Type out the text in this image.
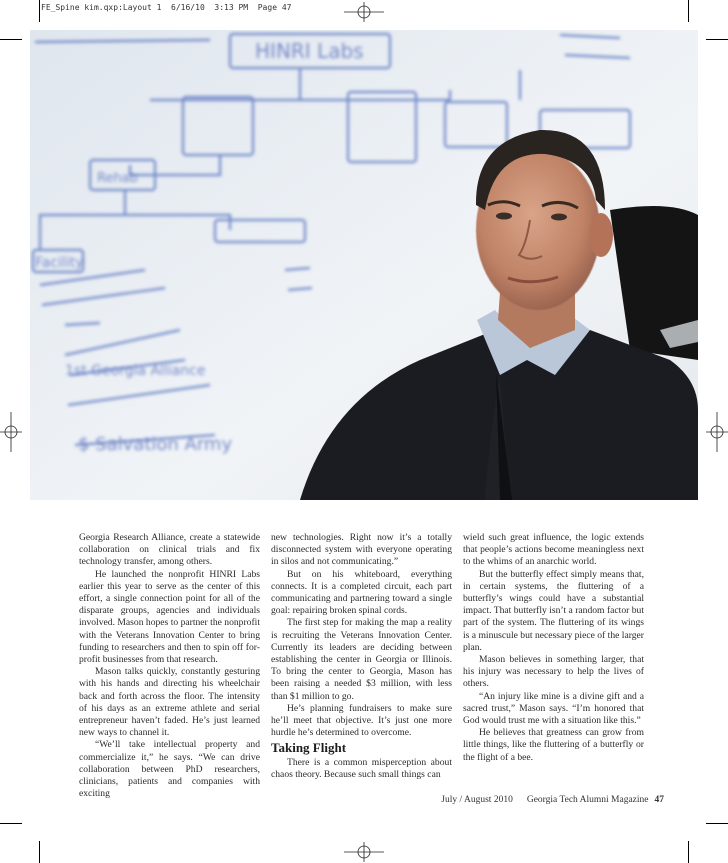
FE_Spine kim.qxp:Layout 1  6/16/10  3:13 PM  Page 47
HINRI Labs
Rehab
Facility
1st Georgia Alliance
$ Salvation Army

Georgia Research Alliance, create a statewide collaboration on clinical trials and fix technology transfer, among others.

He launched the nonprofit HINRI Labs earlier this year to serve as the center of this effort, a single connection point for all of the disparate groups, agencies and individuals involved. Mason hopes to partner the nonprofit with the Veterans Innovation Center to bring funding to researchers and then to spin off for-profit businesses from that research.

Mason talks quickly, constantly gesturing with his hands and directing his wheelchair back and forth across the floor. The intensity of his days as an extreme athlete and serial entrepreneur haven’t faded. He’s just learned new ways to channel it.

“We’ll take intellectual property and commercialize it,” he says. “We can drive collaboration between PhD researchers, clinicians, patients and companies with exciting

new technologies. Right now it’s a totally disconnected system with everyone operating in silos and not communicating.”

But on his whiteboard, everything connects. It is a completed circuit, each part communicating and partnering toward a single goal: repairing broken spinal cords.

The first step for making the map a reality is recruiting the Veterans Innovation Center. Currently its leaders are deciding between establishing the center in Georgia or Illinois. To bring the center to Georgia, Mason has been raising a needed $3 million, with less than $1 million to go.

He’s planning fundraisers to make sure he’ll meet that objective. It’s just one more hurdle he’s determined to overcome.

Taking Flight

There is a common misperception about chaos theory. Because such small things can

wield such great influence, the logic extends that people’s actions become meaningless next to the whims of an anarchic world.

But the butterfly effect simply means that, in certain systems, the fluttering of a butterfly’s wings could have a substantial impact. That butterfly isn’t a random factor but part of the system. The fluttering of its wings is a minuscule but necessary piece of the larger plan.

Mason believes in something larger, that his injury was necessary to help the lives of others.

“An injury like mine is a divine gift and a sacred trust,” Mason says. “I’m honored that God would trust me with a situation like this.”

He believes that greatness can grow from little things, like the fluttering of a butterfly or the flight of a bee.

July / August 2010 Georgia Tech Alumni Magazine 47
